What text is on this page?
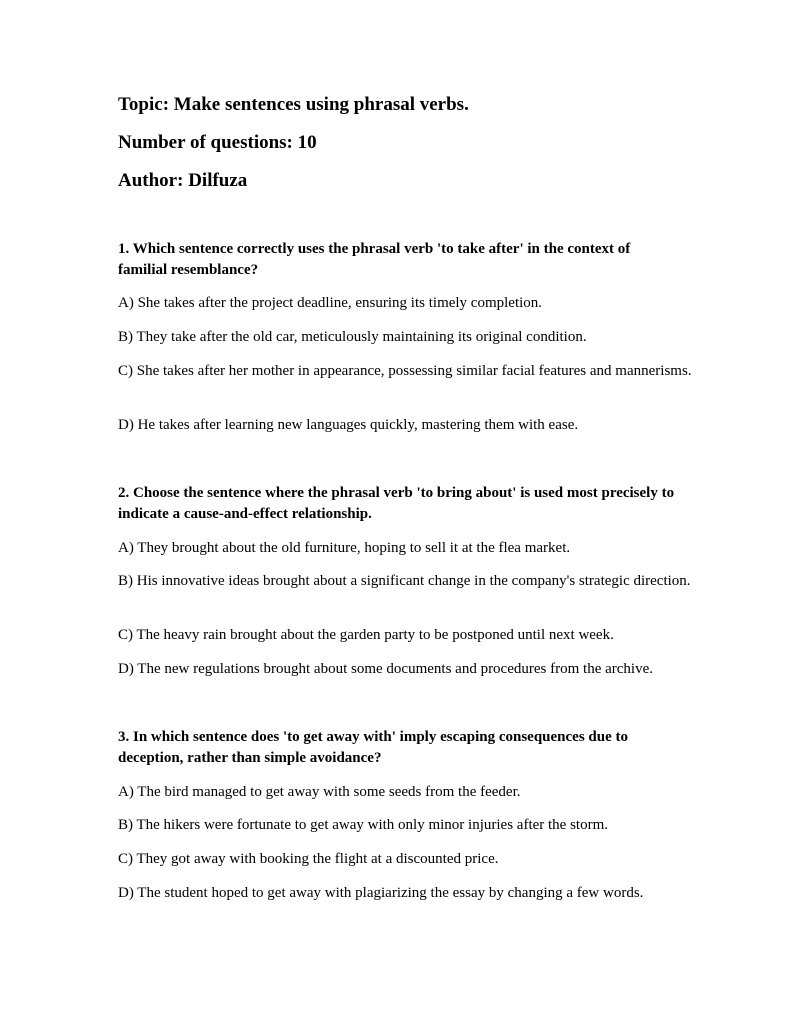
Topic: Make sentences using phrasal verbs.
Number of questions: 10
Author: Dilfuza
1. Which sentence correctly uses the phrasal verb 'to take after' in the context of familial resemblance?
A) She takes after the project deadline, ensuring its timely completion.
B) They take after the old car, meticulously maintaining its original condition.
C) She takes after her mother in appearance, possessing similar facial features and mannerisms.
D) He takes after learning new languages quickly, mastering them with ease.
2. Choose the sentence where the phrasal verb 'to bring about' is used most precisely to indicate a cause-and-effect relationship.
A) They brought about the old furniture, hoping to sell it at the flea market.
B) His innovative ideas brought about a significant change in the company's strategic direction.
C) The heavy rain brought about the garden party to be postponed until next week.
D) The new regulations brought about some documents and procedures from the archive.
3. In which sentence does 'to get away with' imply escaping consequences due to deception, rather than simple avoidance?
A) The bird managed to get away with some seeds from the feeder.
B) The hikers were fortunate to get away with only minor injuries after the storm.
C) They got away with booking the flight at a discounted price.
D) The student hoped to get away with plagiarizing the essay by changing a few words.
